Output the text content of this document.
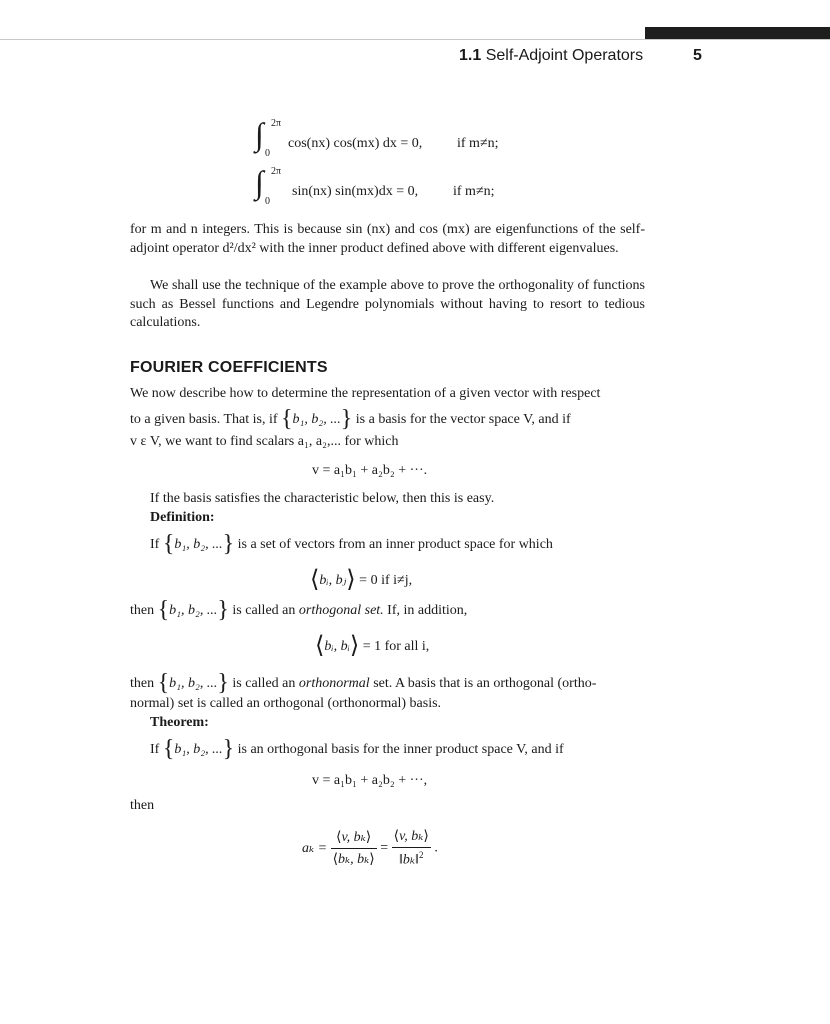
1.1 Self-Adjoint Operators	5
∫ 2π
0
cos(nx) cos(mx) dx = 0, if m≠n;
∫ 2π
0
sin(nx) sin(mx)dx = 0, if m≠n;
for m and n integers. This is because sin (nx) and cos (mx) are eigenfunctions of the self-adjoint operator d²/dx² with the inner product defined above with different eigenvalues.
We shall use the technique of the example above to prove the orthogonality of functions such as Bessel functions and Legendre polynomials without having to resort to tedious calculations.
FOURIER COEFFICIENTS
We now describe how to determine the representation of a given vector with respect
to a given basis. That is, if {b₁, b₂, ...} is a basis for the vector space V, and if
v ε V, we want to find scalars a₁, a₂,... for which
v = a₁b₁ + a₂b₂ + ···.
If the basis satisfies the characteristic below, then this is easy.
Definition:
If {b₁, b₂, ...} is a set of vectors from an inner product space for which
⟨bᵢ, bⱼ⟩ = 0 if i≠j,
then {b₁, b₂, ...} is called an orthogonal set. If, in addition,
⟨bᵢ, bᵢ⟩ = 1 for all i,
then {b₁, b₂, ...} is called an orthonormal set. A basis that is an orthogonal (ortho-
normal) set is called an orthogonal (orthonormal) basis.
Theorem:
If {b₁, b₂, ...} is an orthogonal basis for the inner product space V, and if
v = a₁b₁ + a₂b₂ + ···,
then
$a_k = \frac{\text{⟨v, bₖ⟩}}{\text{⟨bₖ, bₖ⟩}} = \frac{\text{⟨v, bₖ⟩}}{‖b_k‖^2}$ .
